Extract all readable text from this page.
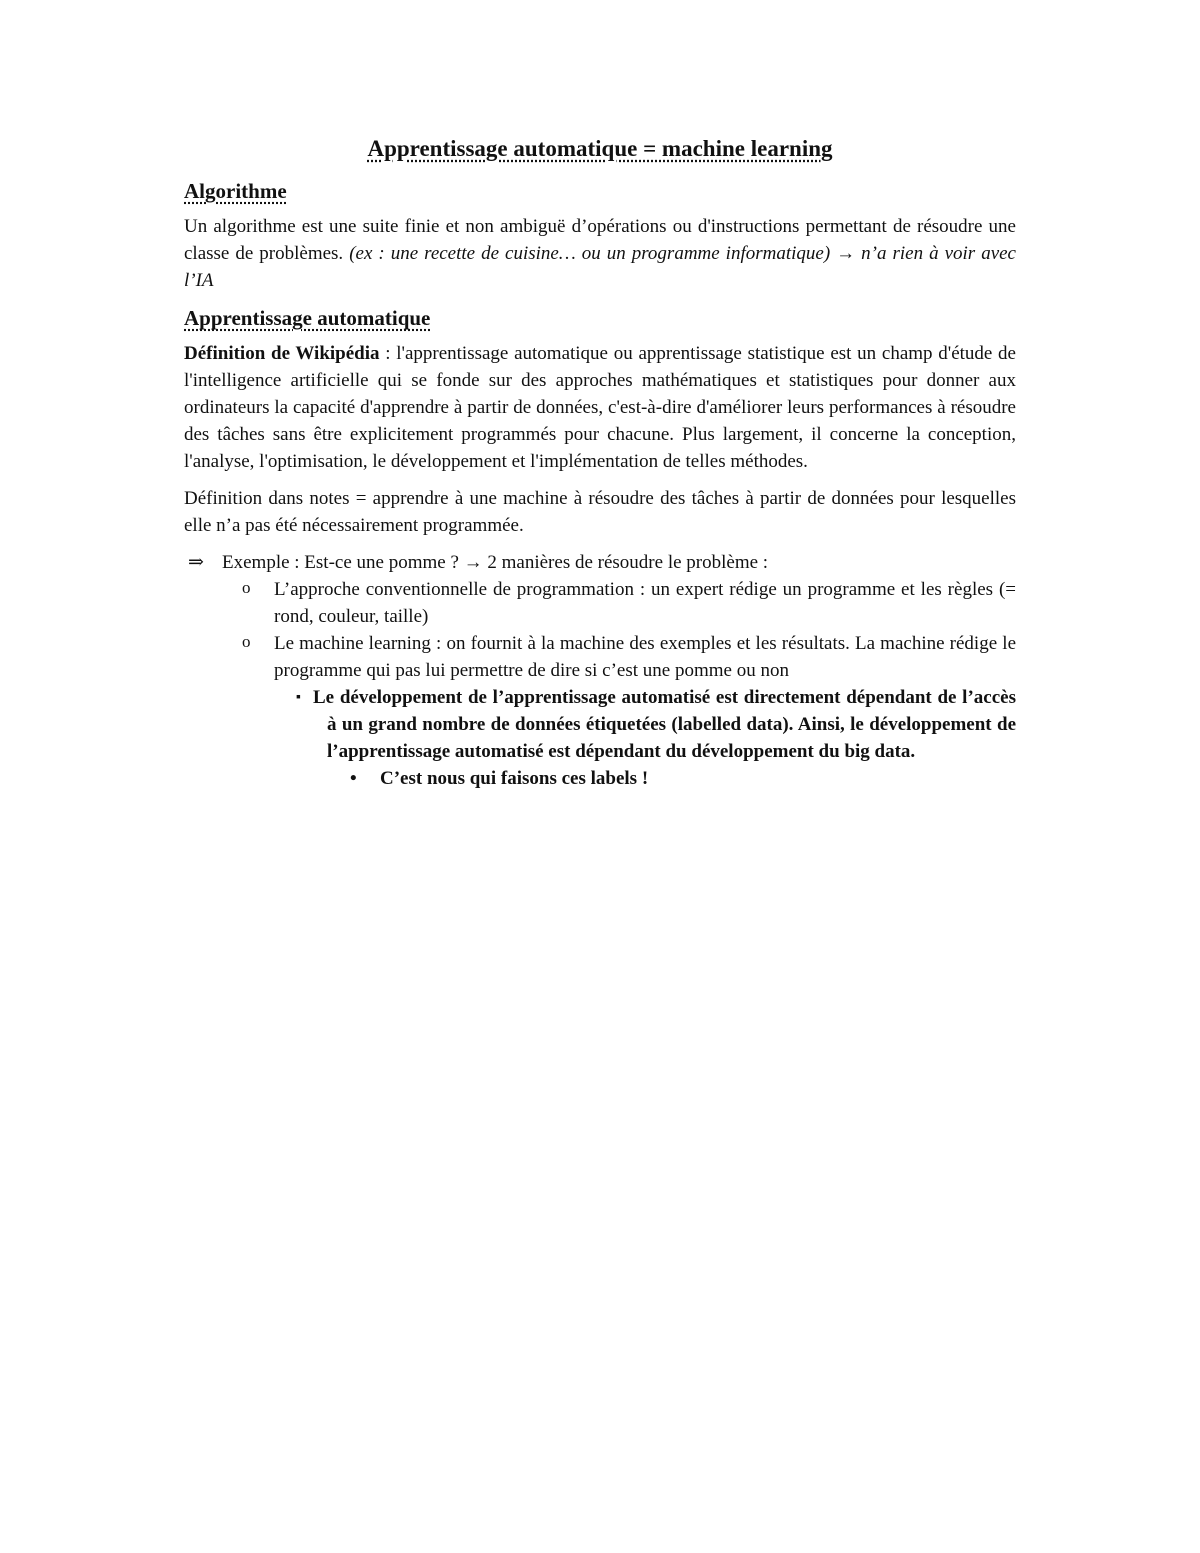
Apprentissage automatique = machine learning
Algorithme

Un algorithme est une suite finie et non ambiguë d’opérations ou d'instructions permettant de résoudre une classe de problèmes. (ex : une recette de cuisine… ou un programme informatique) → n’a rien à voir avec l’IA

Apprentissage automatique

Définition de Wikipédia : l'apprentissage automatique ou apprentissage statistique est un champ d'étude de l'intelligence artificielle qui se fonde sur des approches mathématiques et statistiques pour donner aux ordinateurs la capacité d'apprendre à partir de données, c'est-à-dire d'améliorer leurs performances à résoudre des tâches sans être explicitement programmés pour chacune. Plus largement, il concerne la conception, l'analyse, l'optimisation, le développement et l'implémentation de telles méthodes.

Définition dans notes = apprendre à une machine à résoudre des tâches à partir de données pour lesquelles elle n’a pas été nécessairement programmée.

⇒ Exemple : Est-ce une pomme ? → 2 manières de résoudre le problème :
o L’approche conventionnelle de programmation : un expert rédige un programme et les règles (= rond, couleur, taille)
o Le machine learning : on fournit à la machine des exemples et les résultats. La machine rédige le programme qui pas lui permettre de dire si c’est une pomme ou non
▪ Le développement de l’apprentissage automatisé est directement dépendant de l’accès à un grand nombre de données étiquetées (labelled data). Ainsi, le développement de l’apprentissage automatisé est dépendant du développement du big data.
• C’est nous qui faisons ces labels !
